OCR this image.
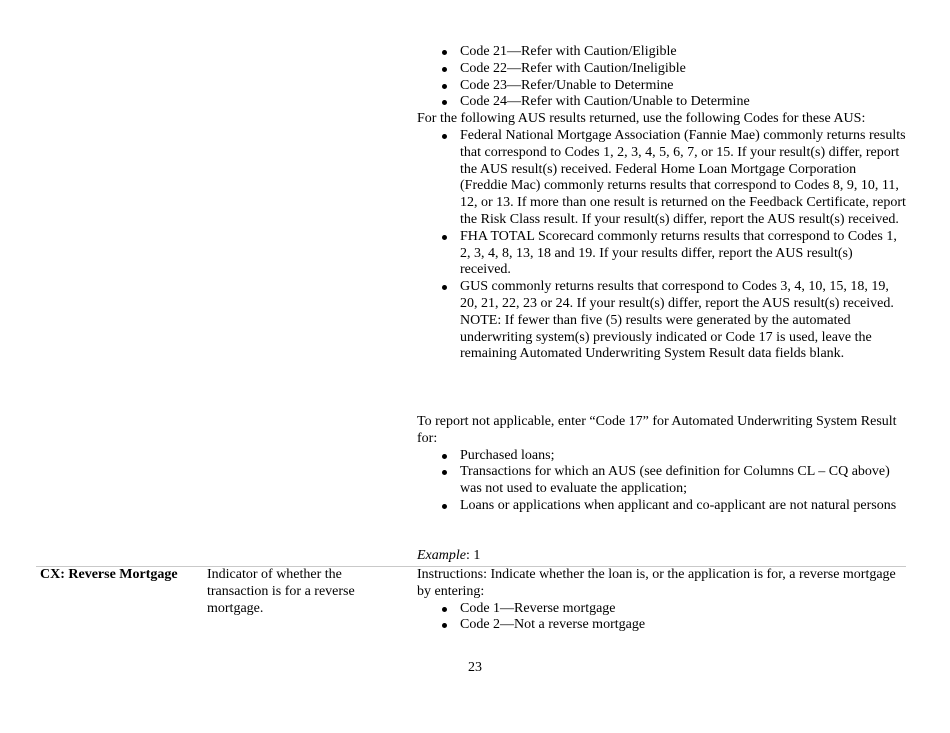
Code 21—Refer with Caution/Eligible
Code 22—Refer with Caution/Ineligible
Code 23—Refer/Unable to Determine
Code 24—Refer with Caution/Unable to Determine

For the following AUS results returned, use the following Codes for these AUS:

Federal National Mortgage Association (Fannie Mae) commonly returns results that correspond to Codes 1, 2, 3, 4, 5, 6, 7, or 15. If your result(s) differ, report the AUS result(s) received. Federal Home Loan Mortgage Corporation (Freddie Mac) commonly returns results that correspond to Codes 8, 9, 10, 11, 12, or 13. If more than one result is returned on the Feedback Certificate, report the Risk Class result. If your result(s) differ, report the AUS result(s) received.
FHA TOTAL Scorecard commonly returns results that correspond to Codes 1, 2, 3, 4, 8, 13, 18 and 19. If your results differ, report the AUS result(s) received.
GUS commonly returns results that correspond to Codes 3, 4, 10, 15, 18, 19, 20, 21, 22, 23 or 24. If your result(s) differ, report the AUS result(s) received.
NOTE: If fewer than five (5) results were generated by the automated underwriting system(s) previously indicated or Code 17 is used, leave the remaining Automated Underwriting System Result data fields blank.

To report not applicable, enter “Code 17” for Automated Underwriting System Result for:

Purchased loans;
Transactions for which an AUS (see definition for Columns CL – CQ above) was not used to evaluate the application;
Loans or applications when applicant and co-applicant are not natural persons
Example: 1
CX: Reverse Mortgage	Indicator of whether the transaction is for a reverse mortgage.

Instructions: Indicate whether the loan is, or the application is for, a reverse mortgage by entering:

Code 1—Reverse mortgage
Code 2—Not a reverse mortgage
23
